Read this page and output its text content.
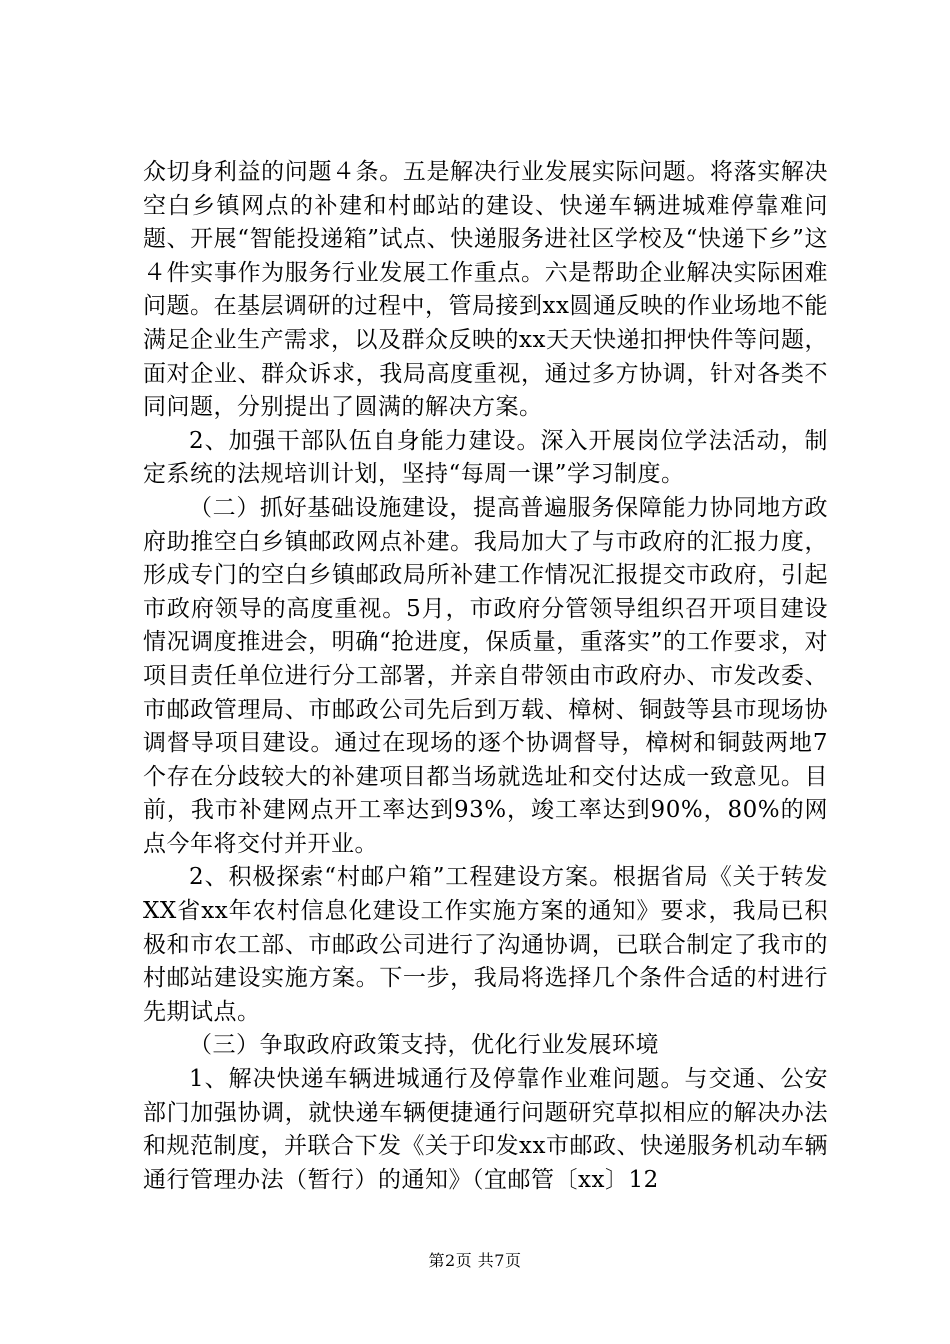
众切身利益的问题４条。五是解决行业发展实际问题。将落实解决空白乡镇网点的补建和村邮站的建设、快递车辆进城难停靠难问题、开展“智能投递箱”试点、快递服务进社区学校及“快递下乡”这４件实事作为服务行业发展工作重点。六是帮助企业解决实际困难问题。在基层调研的过程中，管局接到xx圆通反映的作业场地不能满足企业生产需求，以及群众反映的xx天天快递扣押快件等问题，面对企业、群众诉求，我局高度重视，通过多方协调，针对各类不同问题，分别提出了圆满的解决方案。

2、加强干部队伍自身能力建设。深入开展岗位学法活动，制定系统的法规培训计划，坚持“每周一课”学习制度。

（二）抓好基础设施建设，提高普遍服务保障能力协同地方政府助推空白乡镇邮政网点补建。我局加大了与市政府的汇报力度，形成专门的空白乡镇邮政局所补建工作情况汇报提交市政府，引起市政府领导的高度重视。5月，市政府分管领导组织召开项目建设情况调度推进会，明确“抢进度，保质量，重落实”的工作要求，对项目责任单位进行分工部署，并亲自带领由市政府办、市发改委、市邮政管理局、市邮政公司先后到万载、樟树、铜鼓等县市现场协调督导项目建设。通过在现场的逐个协调督导，樟树和铜鼓两地7个存在分歧较大的补建项目都当场就选址和交付达成一致意见。目前，我市补建网点开工率达到93%，竣工率达到90%，80%的网点今年将交付并开业。

2、积极探索“村邮户箱”工程建设方案。根据省局《关于转发XX省xx年农村信息化建设工作实施方案的通知》要求，我局已积极和市农工部、市邮政公司进行了沟通协调，已联合制定了我市的村邮站建设实施方案。下一步，我局将选择几个条件合适的村进行先期试点。

（三）争取政府政策支持，优化行业发展环境

1、解决快递车辆进城通行及停靠作业难问题。与交通、公安部门加强协调，就快递车辆便捷通行问题研究草拟相应的解决办法和规范制度，并联合下发《关于印发xx市邮政、快递服务机动车辆通行管理办法（暂行）的通知》（宜邮管〔xx〕12

第2页 共7页
